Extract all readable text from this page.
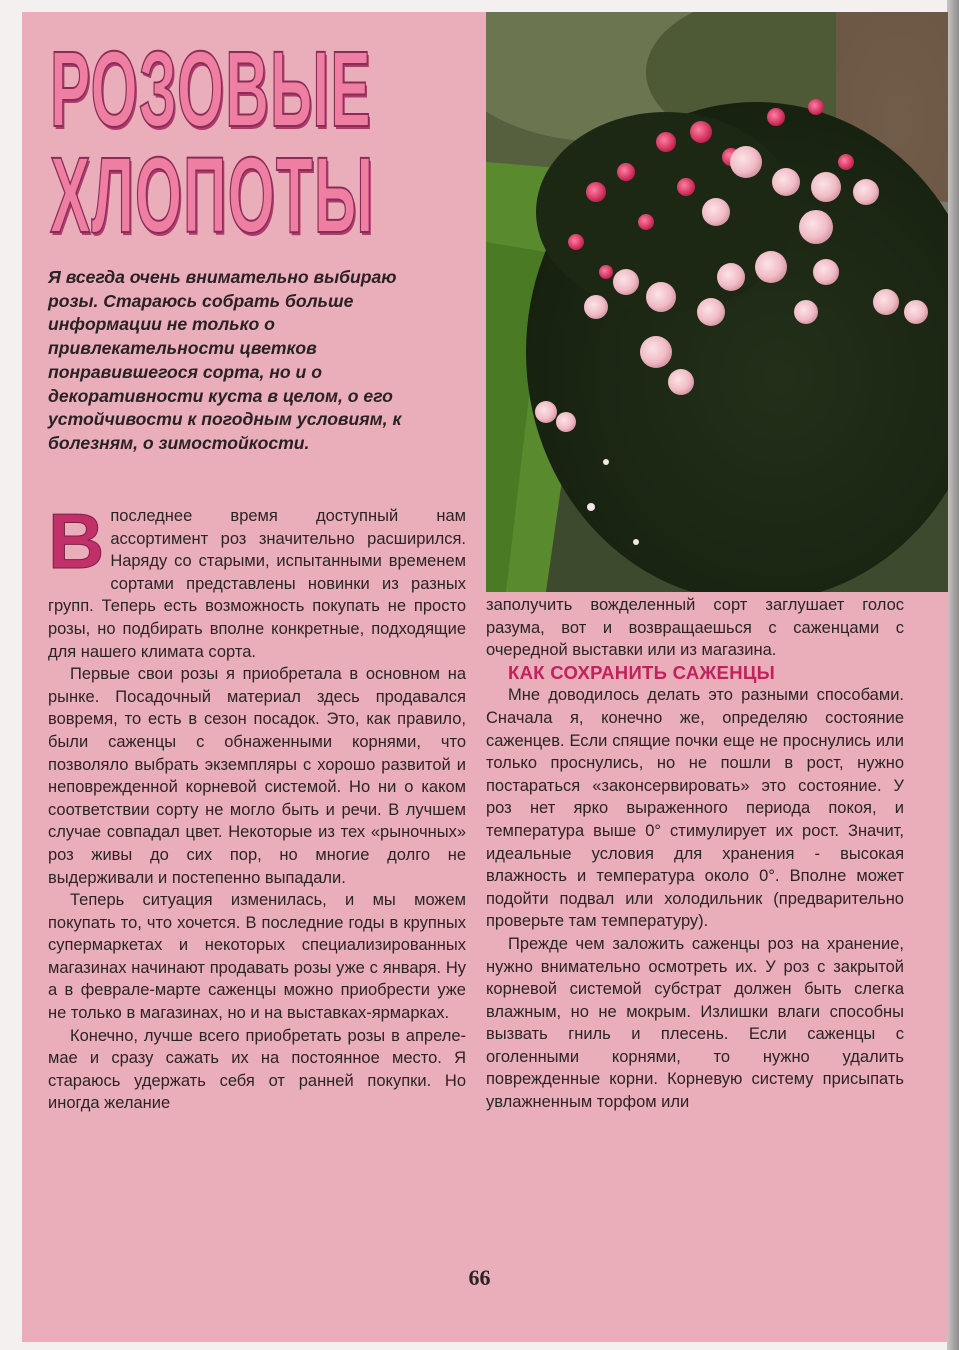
РОЗОВЫЕ
ХЛОПОТЫ

Я всегда очень внимательно выбираю розы. Стараюсь собрать больше информации не только о привлекательности цветков понравившегося сорта, но и о декоративности куста в целом, о его устойчивости к погодным условиям, к болезням, о зимостойкости.

Впоследнее время доступный нам ассортимент роз значительно расширился. Наряду со старыми, испытанными временем сортами представлены новинки из разных групп. Теперь есть возможность покупать не просто розы, но подбирать вполне конкретные, подходящие для нашего климата сорта.

Первые свои розы я приобретала в основном на рынке. Посадочный материал здесь продавался вовремя, то есть в сезон посадок. Это, как правило, были саженцы с обнаженными корнями, что позволяло выбрать экземпляры с хорошо развитой и неповрежденной корневой системой. Но ни о каком соответствии сорту не могло быть и речи. В лучшем случае совпадал цвет. Некоторые из тех «рыночных» роз живы до сих пор, но многие долго не выдерживали и постепенно выпадали.

Теперь ситуация изменилась, и мы можем покупать то, что хочется. В последние годы в крупных супермаркетах и некоторых специализированных магазинах начинают продавать розы уже с января. Ну а в феврале-марте саженцы можно приобрести уже не только в магазинах, но и на выставках-ярмарках.

Конечно, лучше всего приобретать розы в апреле-мае и сразу сажать их на постоянное место. Я стараюсь удержать себя от ранней покупки. Но иногда желание

заполучить вожделенный сорт заглушает голос разума, вот и возвращаешься с саженцами с очередной выставки или из магазина.

КАК СОХРАНИТЬ САЖЕНЦЫ

Мне доводилось делать это разными способами. Сначала я, конечно же, определяю состояние саженцев. Если спящие почки еще не проснулись или только проснулись, но не пошли в рост, нужно постараться «законсервировать» это состояние. У роз нет ярко выраженного периода покоя, и температура выше 0° стимулирует их рост. Значит, идеальные условия для хранения - высокая влажность и температура около 0°. Вполне может подойти подвал или холодильник (предварительно проверьте там температуру).

Прежде чем заложить саженцы роз на хранение, нужно внимательно осмотреть их. У роз с закрытой корневой системой субстрат должен быть слегка влажным, но не мокрым. Излишки влаги способны вызвать гниль и плесень. Если саженцы с оголенными корнями, то нужно удалить поврежденные корни. Корневую систему присыпать увлажненным торфом или

66
